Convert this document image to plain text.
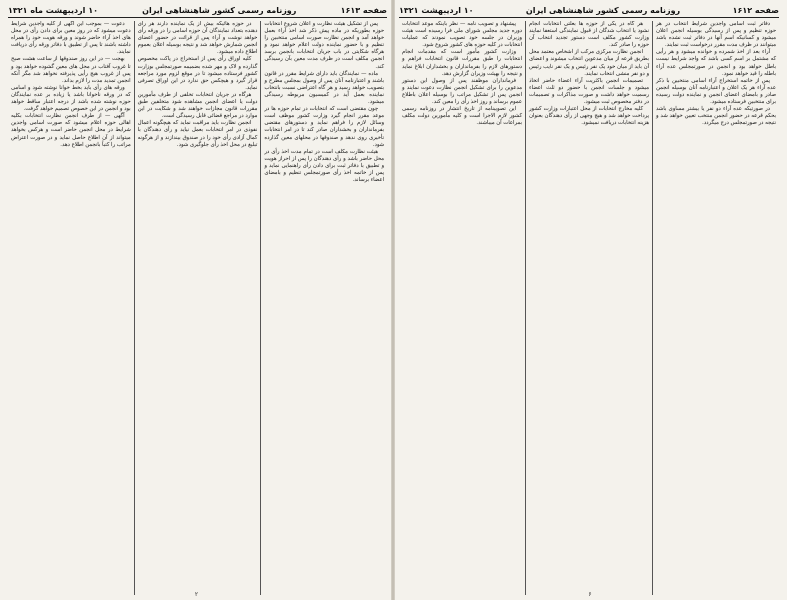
صفحه ۱۶۱۳
روزنامه رسمی کشور شاهنشاهی ایران
۱۰ اردیبهشت ماه ۱۳۲۱

پس از تشکیل هیئت نظارت و اعلان شروع انتخابات حوزه بطوریکه در ماده پیش ذکر شد اخذ آراء بعمل خواهد آمد و انجمن نظارت صورت اسامی منتخبین را تنظیم و با حضور نماینده دولت اعلام خواهد نمود و هرگاه شکایتی در باب جریان انتخابات بانجمن برسد انجمن مکلف است در ظرف مدت معین بآن رسیدگی کند.

ماده — نمایندگان باید دارای شرایط مقرر در قانون باشند و اعتبارنامه آنان پس از وصول بمجلس مطرح و بتصویب خواهد رسید و هر گاه اعتراضی نسبت بانتخاب نماینده بعمل آید در کمیسیون مربوطه رسیدگی میشود.

چون مقتضی است که انتخابات در تمام حوزه ها در موعد مقرر انجام گیرد وزارت کشور موظف است وسائل لازم را فراهم نماید و دستورهای مقتضی بفرمانداران و بخشداران صادر کند تا در امر انتخابات تأخیری روی ندهد و صندوقها در محلهای معین گذارده شود.

هیئت نظارت مکلف است در تمام مدت اخذ رأی در محل حاضر باشد و رأی دهندگان را پس از احراز هویت و تطبیق با دفاتر ثبت برای دادن رأی راهنمایی نماید و پس از خاتمه اخذ رأی صورتمجلس تنظیم و بامضای اعضاء برساند.

در حوزه هائیکه بیش از یک نماینده دارند هر رأی دهنده بتعداد نمایندگان آن حوزه اسامی را در ورقه رأی خواهد نوشت و آراء پس از قرائت در حضور اعضای انجمن شمارش خواهد شد و نتیجه بوسیله اعلان بعموم اطلاع داده میشود.

کلیه اوراق رأی پس از استخراج در پاکت مخصوص گذارده و لاک و مهر شده بضمیمه صورتمجلس بوزارت کشور فرستاده میشود تا در موقع لزوم مورد مراجعه قرار گیرد و هیچکس حق ندارد در این اوراق تصرفی نماید.

هرگاه در جریان انتخابات تخلفی از طرف مأمورین دولت یا اعضای انجمن مشاهده شود متخلفین طبق مقررات قانون مجازات خواهند شد و شکایت در این موارد در مراجع قضائی قابل رسیدگی است.

انجمن نظارت باید مراقبت نماید که هیچگونه اعمال نفوذی در امر انتخابات بعمل نیاید و رأی دهندگان با کمال آزادی رأی خود را در صندوق بیندازند و از هرگونه تبلیغ در محل اخذ رأی جلوگیری شود.

دعوت — بموجب این آگهی از کلیه واجدین شرایط دعوت میشود که در روز معین برای دادن رأی در محل های اخذ آراء حاضر شوند و ورقه هویت خود را همراه داشته باشند تا پس از تطبیق با دفاتر ورقه رأی دریافت نمایند.

بهجت — در این روز صندوقها از ساعت هشت صبح تا غروب آفتاب در محل های معین گشوده خواهد بود و پس از غروب هیچ رأیی پذیرفته نخواهد شد مگر آنکه انجمن تمدید مدت را لازم بداند.

ورقه های رأی باید بخط خوانا نوشته شود و اسامی که در ورقه ناخوانا باشد یا زیاده بر عده نمایندگان حوزه نوشته شده باشد از درجه اعتبار ساقط خواهد بود و انجمن در این خصوص تصمیم خواهد گرفت.

آگهی — از طرف انجمن نظارت انتخابات بکلیه اهالی حوزه اعلام میشود که صورت اسامی واجدین شرایط در محل انجمن حاضر است و هرکس بخواهد میتواند از آن اطلاع حاصل نماید و در صورت اعتراض مراتب را کتباً بانجمن اطلاع دهد.

۲
صفحه ۱۶۱۲
روزنامه رسمی کشور شاهنشاهی ایران
۱۰ اردیبهشت ۱۳۲۱

دفاتر ثبت اسامی واجدین شرایط انتخاب در هر حوزه تنظیم و پس از رسیدگی بوسیله انجمن اعلان میشود و کسانیکه اسم آنها در دفاتر ثبت نشده باشد میتوانند در ظرف مدت مقرر درخواست ثبت نمایند.

آراء بعد از اخذ شمرده و خوانده میشود و هر رأیی که مشتمل بر اسم کسی باشد که واجد شرایط نیست باطل خواهد بود و انجمن در صورتمجلس عده آراء باطله را قید خواهد نمود.

پس از خاتمه استخراج آراء اسامی منتخبین با ذکر عده آراء هر یک اعلان و اعتبارنامه آنان بوسیله انجمن صادر و بامضای اعضای انجمن و نماینده دولت رسیده برای منتخبین فرستاده میشود.

در صورتیکه عده آراء دو نفر یا بیشتر مساوی باشد بحکم قرعه در حضور انجمن منتخب تعیین خواهد شد و نتیجه در صورتمجلس درج میگردد.

هر گاه در یکی از حوزه ها بعلتی انتخابات انجام نشود یا انتخاب شدگان از قبول نمایندگی استعفا نمایند وزارت کشور مکلف است دستور تجدید انتخاب آن حوزه را صادر کند.

انجمن نظارت مرکزی مرکب از اشخاص معتمد محل بطریق قرعه از میان مدعوین انتخاب میشوند و اعضای آن باید از میان خود یک نفر رئیس و یک نفر نایب رئیس و دو نفر منشی انتخاب نمایند.

تصمیمات انجمن باکثریت آراء اعضاء حاضر اتخاذ میشود و جلسات انجمن با حضور دو ثلث اعضاء رسمیت خواهد داشت و صورت مذاکرات و تصمیمات در دفتر مخصوص ثبت میشود.

کلیه مخارج انتخابات از محل اعتبارات وزارت کشور پرداخت خواهد شد و هیچ وجهی از رأی دهندگان بعنوان هزینه انتخابات دریافت نمیشود.

پیشنهاد و تصویب نامه — نظر باینکه موعد انتخابات دوره جدید مجلس شورای ملی فرا رسیده است هیئت وزیران در جلسه خود تصویب نمودند که عملیات انتخابات در کلیه حوزه های کشور شروع شود.

وزارت کشور مأمور است که مقدمات انجام انتخابات را طبق مقررات قانون انتخابات فراهم و دستورهای لازم را بفرمانداران و بخشداران ابلاغ نماید و نتیجه را بهیئت وزیران گزارش دهد.

فرمانداران موظفند پس از وصول این دستور مدعوین را برای تشکیل انجمن نظارت دعوت نمایند و انجمن پس از تشکیل مراتب را بوسیله اعلان باطلاع عموم برساند و روز اخذ رأی را معین کند.

این تصویبنامه از تاریخ انتشار در روزنامه رسمی کشور لازم الاجرا است و کلیه مأمورین دولت مکلف بمراعات آن میباشند.

۶
